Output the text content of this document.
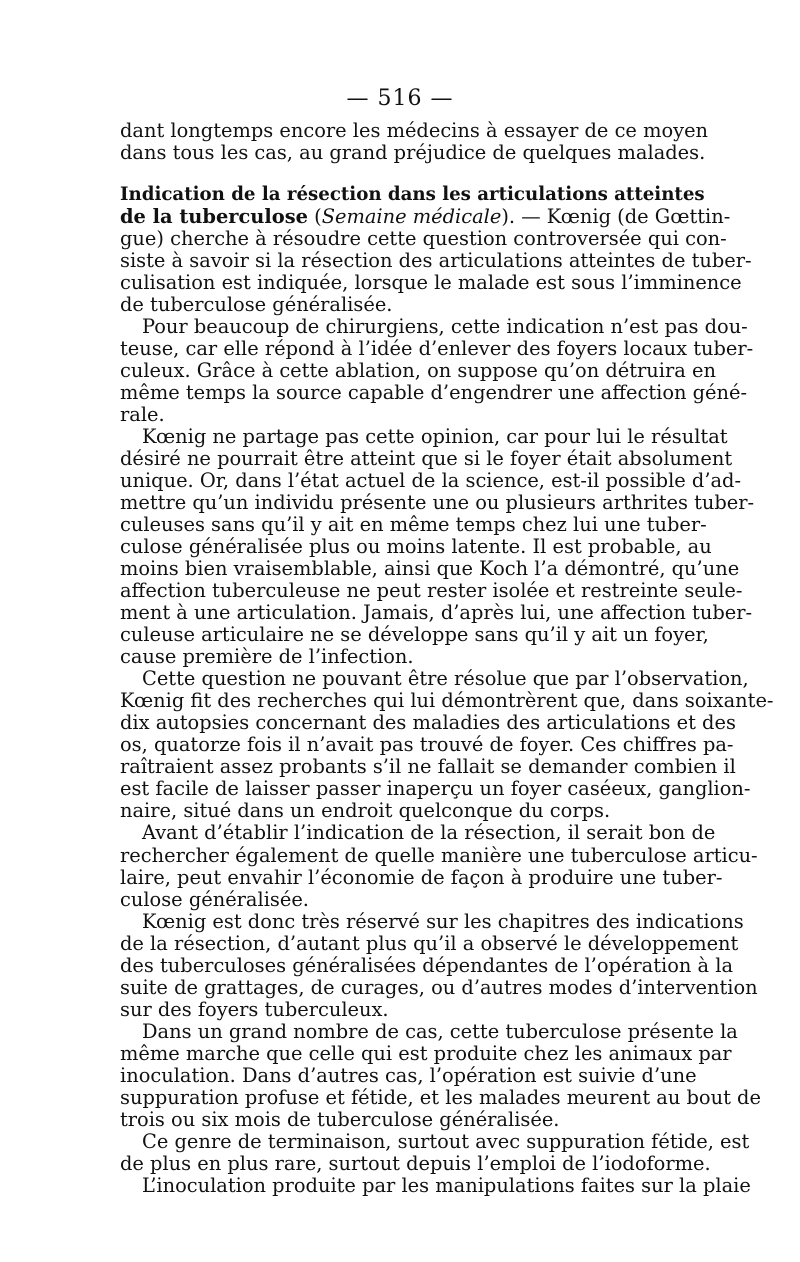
— 516 —
dant longtemps encore les médecins à essayer de ce moyen
dans tous les cas, au grand préjudice de quelques malades.
Indication de la résection dans les articulations atteintes
de la tuberculose (Semaine médicale). — Kœnig (de Gœttin-
gue) cherche à résoudre cette question controversée qui con-
siste à savoir si la résection des articulations atteintes de tuber-
culisation est indiquée, lorsque le malade est sous l’imminence
de tuberculose généralisée.
Pour beaucoup de chirurgiens, cette indication n’est pas dou-
teuse, car elle répond à l’idée d’enlever des foyers locaux tuber-
culeux. Grâce à cette ablation, on suppose qu’on détruira en
même temps la source capable d’engendrer une affection géné-
rale.
Kœnig ne partage pas cette opinion, car pour lui le résultat
désiré ne pourrait être atteint que si le foyer était absolument
unique. Or, dans l’état actuel de la science, est-il possible d’ad-
mettre qu’un individu présente une ou plusieurs arthrites tuber-
culeuses sans qu’il y ait en même temps chez lui une tuber-
culose généralisée plus ou moins latente. Il est probable, au
moins bien vraisemblable, ainsi que Koch l’a démontré, qu’une
affection tuberculeuse ne peut rester isolée et restreinte seule-
ment à une articulation. Jamais, d’après lui, une affection tuber-
culeuse articulaire ne se développe sans qu’il y ait un foyer,
cause première de l’infection.
Cette question ne pouvant être résolue que par l’observation,
Kœnig fit des recherches qui lui démontrèrent que, dans soixante-
dix autopsies concernant des maladies des articulations et des
os, quatorze fois il n’avait pas trouvé de foyer. Ces chiffres pa-
raîtraient assez probants s’il ne fallait se demander combien il
est facile de laisser passer inaperçu un foyer caséeux, ganglion-
naire, situé dans un endroit quelconque du corps.
Avant d’établir l’indication de la résection, il serait bon de
rechercher également de quelle manière une tuberculose articu-
laire, peut envahir l’économie de façon à produire une tuber-
culose généralisée.
Kœnig est donc très réservé sur les chapitres des indications
de la résection, d’autant plus qu’il a observé le développement
des tuberculoses généralisées dépendantes de l’opération à la
suite de grattages, de curages, ou d’autres modes d’intervention
sur des foyers tuberculeux.
Dans un grand nombre de cas, cette tuberculose présente la
même marche que celle qui est produite chez les animaux par
inoculation. Dans d’autres cas, l’opération est suivie d’une
suppuration profuse et fétide, et les malades meurent au bout de
trois ou six mois de tuberculose généralisée.
Ce genre de terminaison, surtout avec suppuration fétide, est
de plus en plus rare, surtout depuis l’emploi de l’iodoforme.
L’inoculation produite par les manipulations faites sur la plaie
